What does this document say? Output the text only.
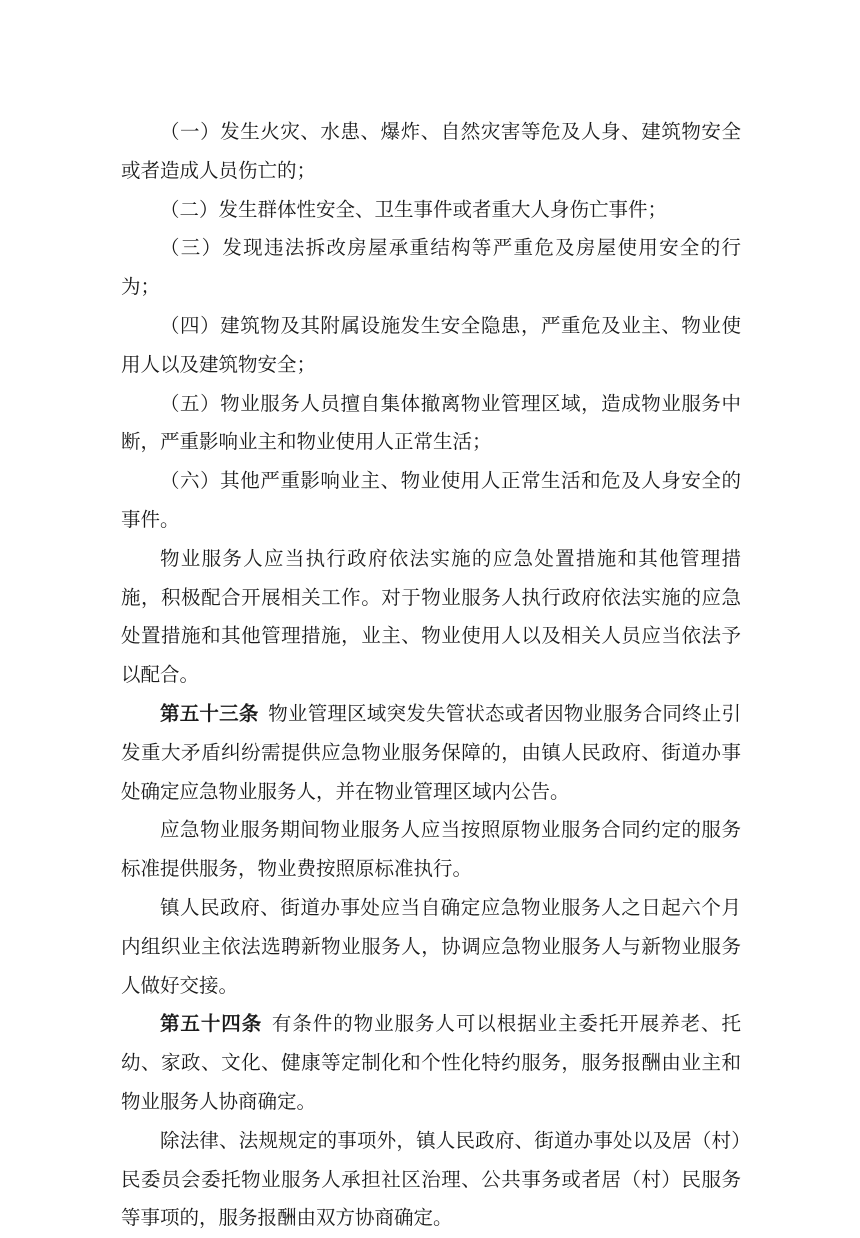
（一）发生火灾、水患、爆炸、自然灾害等危及人身、建筑物安全或者造成人员伤亡的；

（二）发生群体性安全、卫生事件或者重大人身伤亡事件；

（三）发现违法拆改房屋承重结构等严重危及房屋使用安全的行为；

（四）建筑物及其附属设施发生安全隐患，严重危及业主、物业使用人以及建筑物安全；

（五）物业服务人员擅自集体撤离物业管理区域，造成物业服务中断，严重影响业主和物业使用人正常生活；

（六）其他严重影响业主、物业使用人正常生活和危及人身安全的事件。

物业服务人应当执行政府依法实施的应急处置措施和其他管理措施，积极配合开展相关工作。对于物业服务人执行政府依法实施的应急处置措施和其他管理措施，业主、物业使用人以及相关人员应当依法予以配合。

第五十三条 物业管理区域突发失管状态或者因物业服务合同终止引发重大矛盾纠纷需提供应急物业服务保障的，由镇人民政府、街道办事处确定应急物业服务人，并在物业管理区域内公告。

应急物业服务期间物业服务人应当按照原物业服务合同约定的服务标准提供服务，物业费按照原标准执行。

镇人民政府、街道办事处应当自确定应急物业服务人之日起六个月内组织业主依法选聘新物业服务人，协调应急物业服务人与新物业服务人做好交接。

第五十四条 有条件的物业服务人可以根据业主委托开展养老、托幼、家政、文化、健康等定制化和个性化特约服务，服务报酬由业主和物业服务人协商确定。

除法律、法规规定的事项外，镇人民政府、街道办事处以及居（村）民委员会委托物业服务人承担社区治理、公共事务或者居（村）民服务等事项的，服务报酬由双方协商确定。
